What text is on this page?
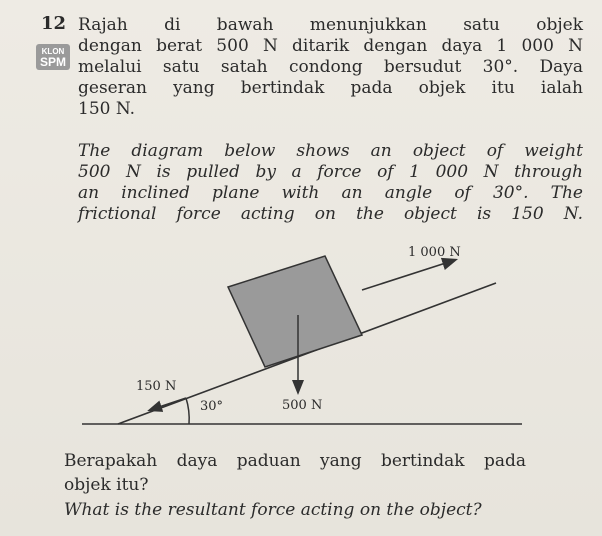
12
KLON
SPM
Rajah di bawah menunjukkan satu objek
dengan berat 500 N ditarik dengan daya 1 000 N
melalui satu satah condong bersudut 30°. Daya
geseran yang bertindak pada objek itu ialah
150 N.
The diagram below shows an object of weight
500 N is pulled by a force of 1 000 N through
an inclined plane with an angle of 30°. The
frictional force acting on the object is 150 N.
1 000 N
150 N
30°	500 N
Berapakah daya paduan yang bertindak pada
objek itu?
What is the resultant force acting on the object?
